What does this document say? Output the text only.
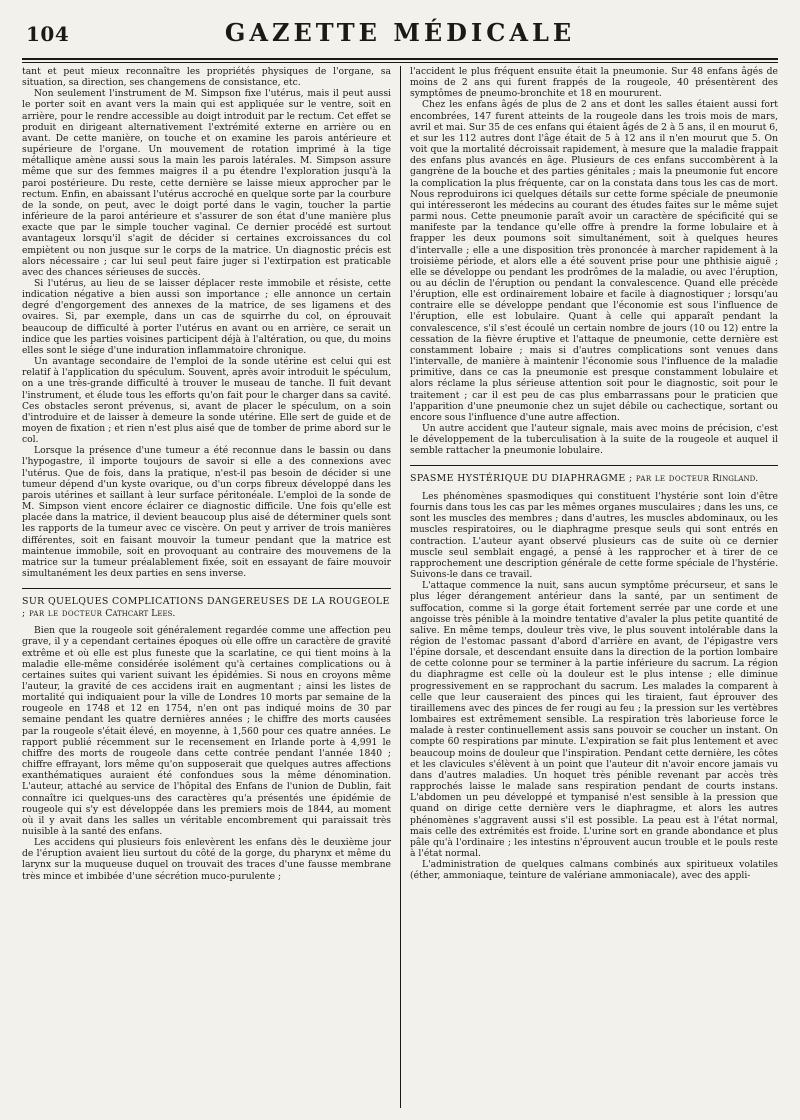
104	GAZETTE MÉDICALE

tant et peut mieux reconnaître les propriétés physiques de l'organe, sa situation, sa direction, ses changemens de consistance, etc.

Non seulement l'instrument de M. Simpson fixe l'utérus, mais il peut aussi le porter soit en avant vers la main qui est appliquée sur le ventre, soit en arrière, pour le rendre accessible au doigt introduit par le rectum. Cet effet se produit en dirigeant alternativement l'extrémité externe en arrière ou en avant. De cette manière, on touche et on examine les parois antérieure et supérieure de l'organe. Un mouvement de rotation imprimé à la tige métallique amène aussi sous la main les parois latérales. M. Simpson assure même que sur des femmes maigres il a pu étendre l'exploration jusqu'à la paroi postérieure. Du reste, cette dernière se laisse mieux approcher par le rectum. Enfin, en abaissant l'utérus accroché en quelque sorte par la courbure de la sonde, on peut, avec le doigt porté dans le vagin, toucher la partie inférieure de la paroi antérieure et s'assurer de son état d'une manière plus exacte que par le simple toucher vaginal. Ce dernier procédé est surtout avantageux lorsqu'il s'agit de décider si certaines excroissances du col empiètent ou non jusque sur le corps de la matrice. Un diagnostic précis est alors nécessaire ; car lui seul peut faire juger si l'extirpation est praticable avec des chances sérieuses de succès.

Si l'utérus, au lieu de se laisser déplacer reste immobile et résiste, cette indication négative a bien aussi son importance ; elle annonce un certain degré d'engorgement des annexes de la matrice, de ses ligamens et des ovaires. Si, par exemple, dans un cas de squirrhe du col, on éprouvait beaucoup de difficulté à porter l'utérus en avant ou en arrière, ce serait un indice que les parties voisines participent déjà à l'altération, ou que, du moins elles sont le siége d'une induration inflammatoire chronique.

Un avantage secondaire de l'emploi de la sonde utérine est celui qui est relatif à l'application du spéculum. Souvent, après avoir introduit le spéculum, on a une très-grande difficulté à trouver le museau de tanche. Il fuit devant l'instrument, et élude tous les efforts qu'on fait pour le charger dans sa cavité. Ces obstacles seront prévenus, si, avant de placer le spéculum, on a soin d'introduire et de laisser à demeure la sonde utérine. Elle sert de guide et de moyen de fixation ; et rien n'est plus aisé que de tomber de prime abord sur le col.

Lorsque la présence d'une tumeur a été reconnue dans le bassin ou dans l'hypogastre, il importe toujours de savoir si elle a des connexions avec l'utérus. Que de fois, dans la pratique, n'est-il pas besoin de décider si une tumeur dépend d'un kyste ovarique, ou d'un corps fibreux développé dans les parois utérines et saillant à leur surface péritonéale. L'emploi de la sonde de M. Simpson vient encore éclairer ce diagnostic difficile. Une fois qu'elle est placée dans la matrice, il devient beaucoup plus aisé de déterminer quels sont les rapports de la tumeur avec ce viscère. On peut y arriver de trois manières différentes, soit en faisant mouvoir la tumeur pendant que la matrice est maintenue immobile, soit en provoquant au contraire des mouvemens de la matrice sur la tumeur préalablement fixée, soit en essayant de faire mouvoir simultanément les deux parties en sens inverse.

SUR QUELQUES COMPLICATIONS DANGEREUSES DE LA ROUGEOLE ; par le docteur Cathcart Lees.

Bien que la rougeole soit généralement regardée comme une affection peu grave, il y a cependant certaines époques où elle offre un caractère de gravité extrême et où elle est plus funeste que la scarlatine, ce qui tient moins à la maladie elle-même considérée isolément qu'à certaines complications ou à certaines suites qui varient suivant les épidémies. Si nous en croyons même l'auteur, la gravité de ces accidens irait en augmentant ; ainsi les listes de mortalité qui indiquaient pour la ville de Londres 10 morts par semaine de la rougeole en 1748 et 12 en 1754, n'en ont pas indiqué moins de 30 par semaine pendant les quatre dernières années ; le chiffre des morts causées par la rougeole s'était élevé, en moyenne, à 1,560 pour ces quatre années. Le rapport publié récemment sur le recensement en Irlande porte à 4,991 le chiffre des morts de rougeole dans cette contrée pendant l'année 1840 ; chiffre effrayant, lors même qu'on supposerait que quelques autres affections exanthématiques auraient été confondues sous la même dénomination. L'auteur, attaché au service de l'hôpital des Enfans de l'union de Dublin, fait connaître ici quelques-uns des caractères qu'a présentés une épidémie de rougeole qui s'y est développée dans les premiers mois de 1844, au moment où il y avait dans les salles un véritable encombrement qui paraissait très nuisible à la santé des enfans.

Les accidens qui plusieurs fois enlevèrent les enfans dès le deuxième jour de l'éruption avaient lieu surtout du côté de la gorge, du pharynx et même du larynx sur la muqueuse duquel on trouvait des traces d'une fausse membrane très mince et imbibée d'une sécrétion muco-purulente ;

l'accident le plus fréquent ensuite était la pneumonie. Sur 48 enfans âgés de moins de 2 ans qui furent frappés de la rougeole, 40 présentèrent des symptômes de pneumo-bronchite et 18 en moururent.

Chez les enfans âgés de plus de 2 ans et dont les salles étaient aussi fort encombrées, 147 furent atteints de la rougeole dans les trois mois de mars, avril et mai. Sur 35 de ces enfans qui étaient âgés de 2 à 5 ans, il en mourut 6, et sur les 112 autres dont l'âge était de 5 à 12 ans il n'en mourut que 5. On voit que la mortalité décroissait rapidement, à mesure que la maladie frappait des enfans plus avancés en âge. Plusieurs de ces enfans succombèrent à la gangrène de la bouche et des parties génitales ; mais la pneumonie fut encore la complication la plus fréquente, car on la constata dans tous les cas de mort. Nous reproduirons ici quelques détails sur cette forme spéciale de pneumonie qui intéresseront les médecins au courant des études faites sur le même sujet parmi nous. Cette pneumonie paraît avoir un caractère de spécificité qui se manifeste par la tendance qu'elle offre à prendre la forme lobulaire et à frapper les deux poumons soit simultanément, soit à quelques heures d'intervalle ; elle a une disposition très prononcée à marcher rapidement à la troisième période, et alors elle a été souvent prise pour une phthisie aiguë ; elle se développe ou pendant les prodrômes de la maladie, ou avec l'éruption, ou au déclin de l'éruption ou pendant la convalescence. Quand elle précède l'éruption, elle est ordinairement lobaire et facile à diagnostiquer ; lorsqu'au contraire elle se développe pendant que l'économie est sous l'influence de l'éruption, elle est lobulaire. Quant à celle qui apparaît pendant la convalescence, s'il s'est écoulé un certain nombre de jours (10 ou 12) entre la cessation de la fièvre éruptive et l'attaque de pneumonie, cette dernière est constamment lobaire ; mais si d'autres complications sont venues dans l'intervalle, de manière à maintenir l'économie sous l'influence de la maladie primitive, dans ce cas la pneumonie est presque constamment lobulaire et alors réclame la plus sérieuse attention soit pour le diagnostic, soit pour le traitement ; car il est peu de cas plus embarrassans pour le praticien que l'apparition d'une pneumonie chez un sujet débile ou cachectique, sortant ou encore sous l'influence d'une autre affection.

Un autre accident que l'auteur signale, mais avec moins de précision, c'est le développement de la tuberculisation à la suite de la rougeole et auquel il semble rattacher la pneumonie lobulaire.

SPASME HYSTÉRIQUE DU DIAPHRAGME ; par le docteur Ringland.

Les phénomènes spasmodiques qui constituent l'hystérie sont loin d'être fournis dans tous les cas par les mêmes organes musculaires ; dans les uns, ce sont les muscles des membres ; dans d'autres, les muscles abdominaux, ou les muscles respiratoires, ou le diaphragme presque seuls qui sont entrés en contraction. L'auteur ayant observé plusieurs cas de suite où ce dernier muscle seul semblait engagé, a pensé à les rapprocher et à tirer de ce rapprochement une description générale de cette forme spéciale de l'hystérie. Suivons-le dans ce travail.

L'attaque commence la nuit, sans aucun symptôme précurseur, et sans le plus léger dérangement antérieur dans la santé, par un sentiment de suffocation, comme si la gorge était fortement serrée par une corde et une angoisse très pénible à la moindre tentative d'avaler la plus petite quantité de salive. En même temps, douleur très vive, le plus souvent intolérable dans la région de l'estomac passant d'abord d'arrière en avant, de l'épigastre vers l'épine dorsale, et descendant ensuite dans la direction de la portion lombaire de cette colonne pour se terminer à la partie inférieure du sacrum. La région du diaphragme est celle où la douleur est le plus intense ; elle diminue progressivement en se rapprochant du sacrum. Les malades la comparent à celle que leur causeraient des pinces qui les tiraient, faut éprouver des tiraillemens avec des pinces de fer rougi au feu ; la pression sur les vertèbres lombaires est extrêmement sensible. La respiration très laborieuse force le malade à rester continuellement assis sans pouvoir se coucher un instant. On compte 60 respirations par minute. L'expiration se fait plus lentement et avec beaucoup moins de douleur que l'inspiration. Pendant cette dernière, les côtes et les clavicules s'élèvent à un point que l'auteur dit n'avoir encore jamais vu dans d'autres maladies. Un hoquet très pénible revenant par accès très rapprochés laisse le malade sans respiration pendant de courts instans. L'abdomen un peu développé et tympanisé n'est sensible à la pression que quand on dirige cette dernière vers le diaphragme, et alors les autres phénomènes s'aggravent aussi s'il est possible. La peau est à l'état normal, mais celle des extrémités est froide. L'urine sort en grande abondance et plus pâle qu'à l'ordinaire ; les intestins n'éprouvent aucun trouble et le pouls reste à l'état normal.

L'administration de quelques calmans combinés aux spiritueux volatiles (éther, ammoniaque, teinture de valériane ammoniacale), avec des appli-
